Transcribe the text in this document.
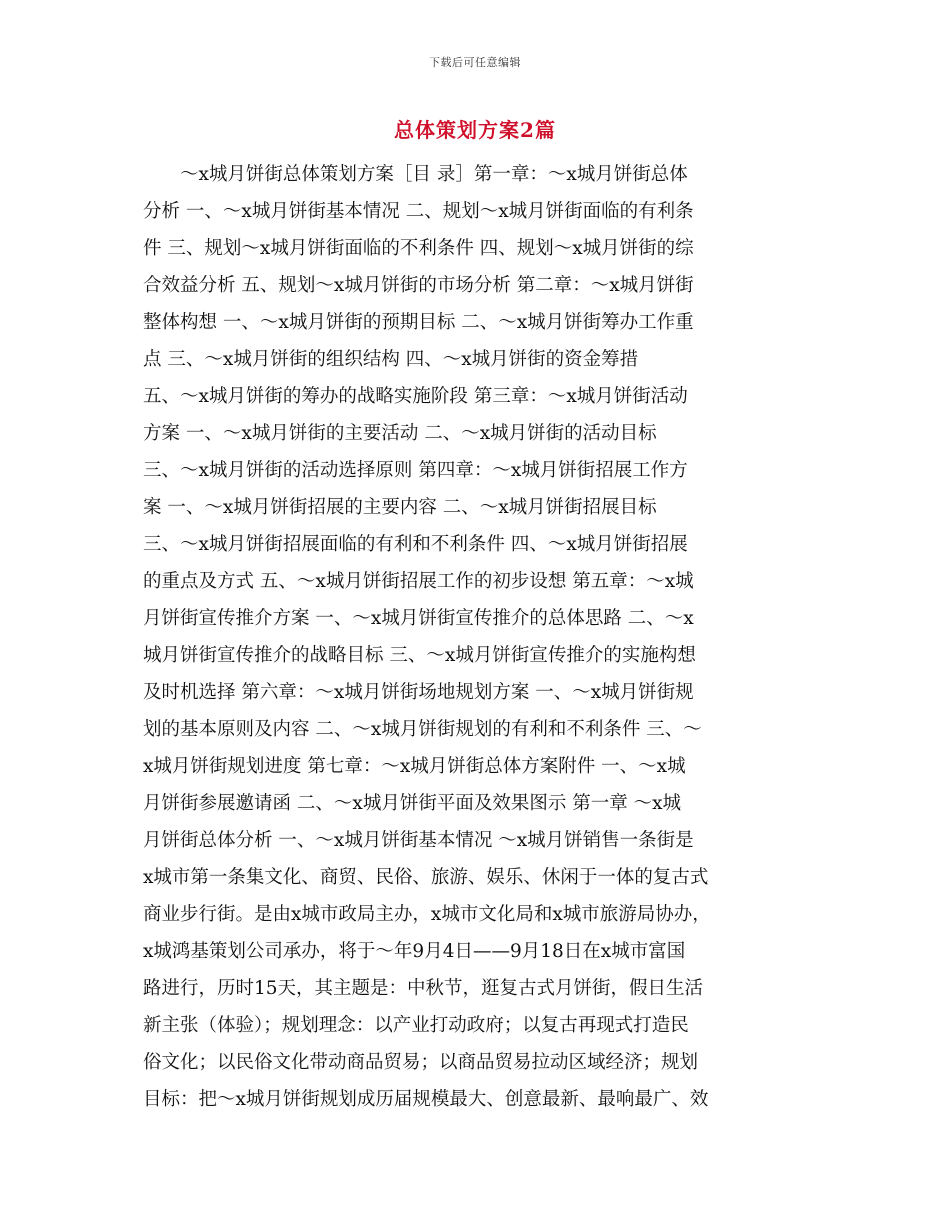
下载后可任意编辑
总体策划方案2篇
　　～x城月饼街总体策划方案［目 录］第一章：～x城月饼街总体
分析 一、～x城月饼街基本情况 二、规划～x城月饼街面临的有利条
件 三、规划～x城月饼街面临的不利条件 四、规划～x城月饼街的综
合效益分析 五、规划～x城月饼街的市场分析 第二章：～x城月饼街
整体构想 一、～x城月饼街的预期目标 二、～x城月饼街筹办工作重
点 三、～x城月饼街的组织结构 四、～x城月饼街的资金筹措
五、～x城月饼街的筹办的战略实施阶段 第三章：～x城月饼街活动
方案 一、～x城月饼街的主要活动 二、～x城月饼街的活动目标
三、～x城月饼街的活动选择原则 第四章：～x城月饼街招展工作方
案 一、～x城月饼街招展的主要内容 二、～x城月饼街招展目标
三、～x城月饼街招展面临的有利和不利条件 四、～x城月饼街招展
的重点及方式 五、～x城月饼街招展工作的初步设想 第五章：～x城
月饼街宣传推介方案 一、～x城月饼街宣传推介的总体思路 二、～x
城月饼街宣传推介的战略目标 三、～x城月饼街宣传推介的实施构想
及时机选择 第六章：～x城月饼街场地规划方案 一、～x城月饼街规
划的基本原则及内容 二、～x城月饼街规划的有利和不利条件 三、～
x城月饼街规划进度 第七章：～x城月饼街总体方案附件 一、～x城
月饼街参展邀请函 二、～x城月饼街平面及效果图示 第一章 ～x城
月饼街总体分析 一、～x城月饼街基本情况 ～x城月饼销售一条街是
x城市第一条集文化、商贸、民俗、旅游、娱乐、休闲于一体的复古式
商业步行街。是由x城市政局主办，x城市文化局和x城市旅游局协办，
x城鸿基策划公司承办，将于～年9月4日——9月18日在x城市富国
路进行，历时15天，其主题是：中秋节，逛复古式月饼街，假日生活
新主张（体验）；规划理念：以产业打动政府；以复古再现式打造民
俗文化；以民俗文化带动商品贸易；以商品贸易拉动区域经济；规划
目标：把～x城月饼街规划成历届规模最大、创意最新、最响最广、效
